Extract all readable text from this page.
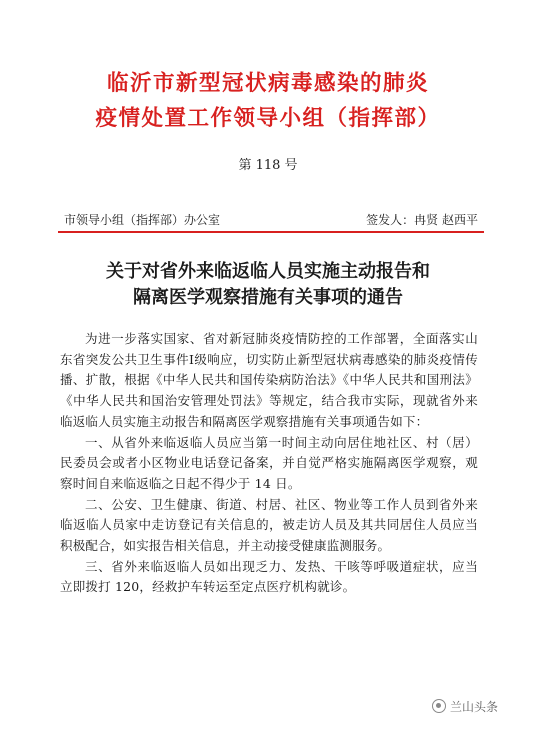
临沂市新型冠状病毒感染的肺炎
疫情处置工作领导小组（指挥部）
第 118 号
市领导小组（指挥部）办公室	签发人：冉贤 赵西平
关于对省外来临返临人员实施主动报告和
隔离医学观察措施有关事项的通告

为进一步落实国家、省对新冠肺炎疫情防控的工作部署，全面落实山东省突发公共卫生事件Ⅰ级响应，切实防止新型冠状病毒感染的肺炎疫情传播、扩散，根据《中华人民共和国传染病防治法》《中华人民共和国刑法》《中华人民共和国治安管理处罚法》等规定，结合我市实际，现就省外来临返临人员实施主动报告和隔离医学观察措施有关事项通告如下：

一、从省外来临返临人员应当第一时间主动向居住地社区、村（居）民委员会或者小区物业电话登记备案，并自觉严格实施隔离医学观察，观察时间自来临返临之日起不得少于 14 日。

二、公安、卫生健康、街道、村居、社区、物业等工作人员到省外来临返临人员家中走访登记有关信息的，被走访人员及其共同居住人员应当积极配合，如实报告相关信息，并主动接受健康监测服务。

三、省外来临返临人员如出现乏力、发热、干咳等呼吸道症状，应当立即拨打 120，经救护车转运至定点医疗机构就诊。

兰山头条
